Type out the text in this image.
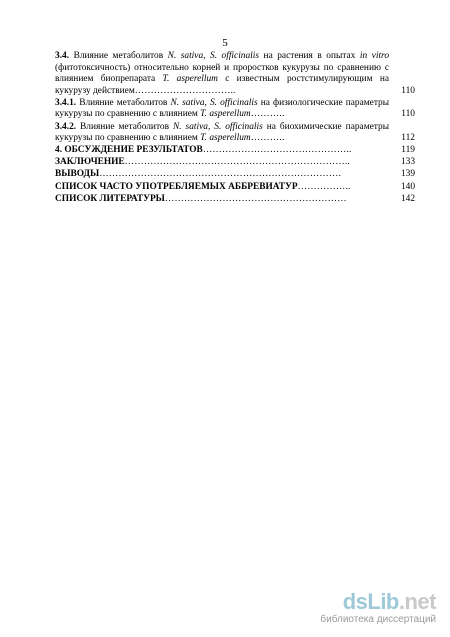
5
3.4. Влияние метаболитов N. sativa, S. officinalis на растения в опытах in vitro (фитотоксичность) относительно корней и проростков кукурузы по сравнению с влиянием биопрепарата T. asperellum с известным ростстимулирующим на кукурузу действием…………………………..	110
3.4.1. Влияние метаболитов N. sativa, S. officinalis на физиологические параметры кукурузы по сравнению с влиянием T. asperellum………..	110
3.4.2. Влияние метаболитов N. sativa, S. officinalis на биохимические параметры кукурузы по сравнению с влиянием T. asperellum………..	112
4. ОБСУЖДЕНИЕ РЕЗУЛЬТАТОВ………………………………………..	119
ЗАКЛЮЧЕНИЕ……………………………………………………………..	133
ВЫВОДЫ………………………………………………………………….	139
СПИСОК ЧАСТО УПОТРЕБЛЯЕМЫХ АББРЕВИАТУР……………..	140
СПИСОК ЛИТЕРАТУРЫ…………………………………………………	142
dsLib.net
библиотека диссертаций
